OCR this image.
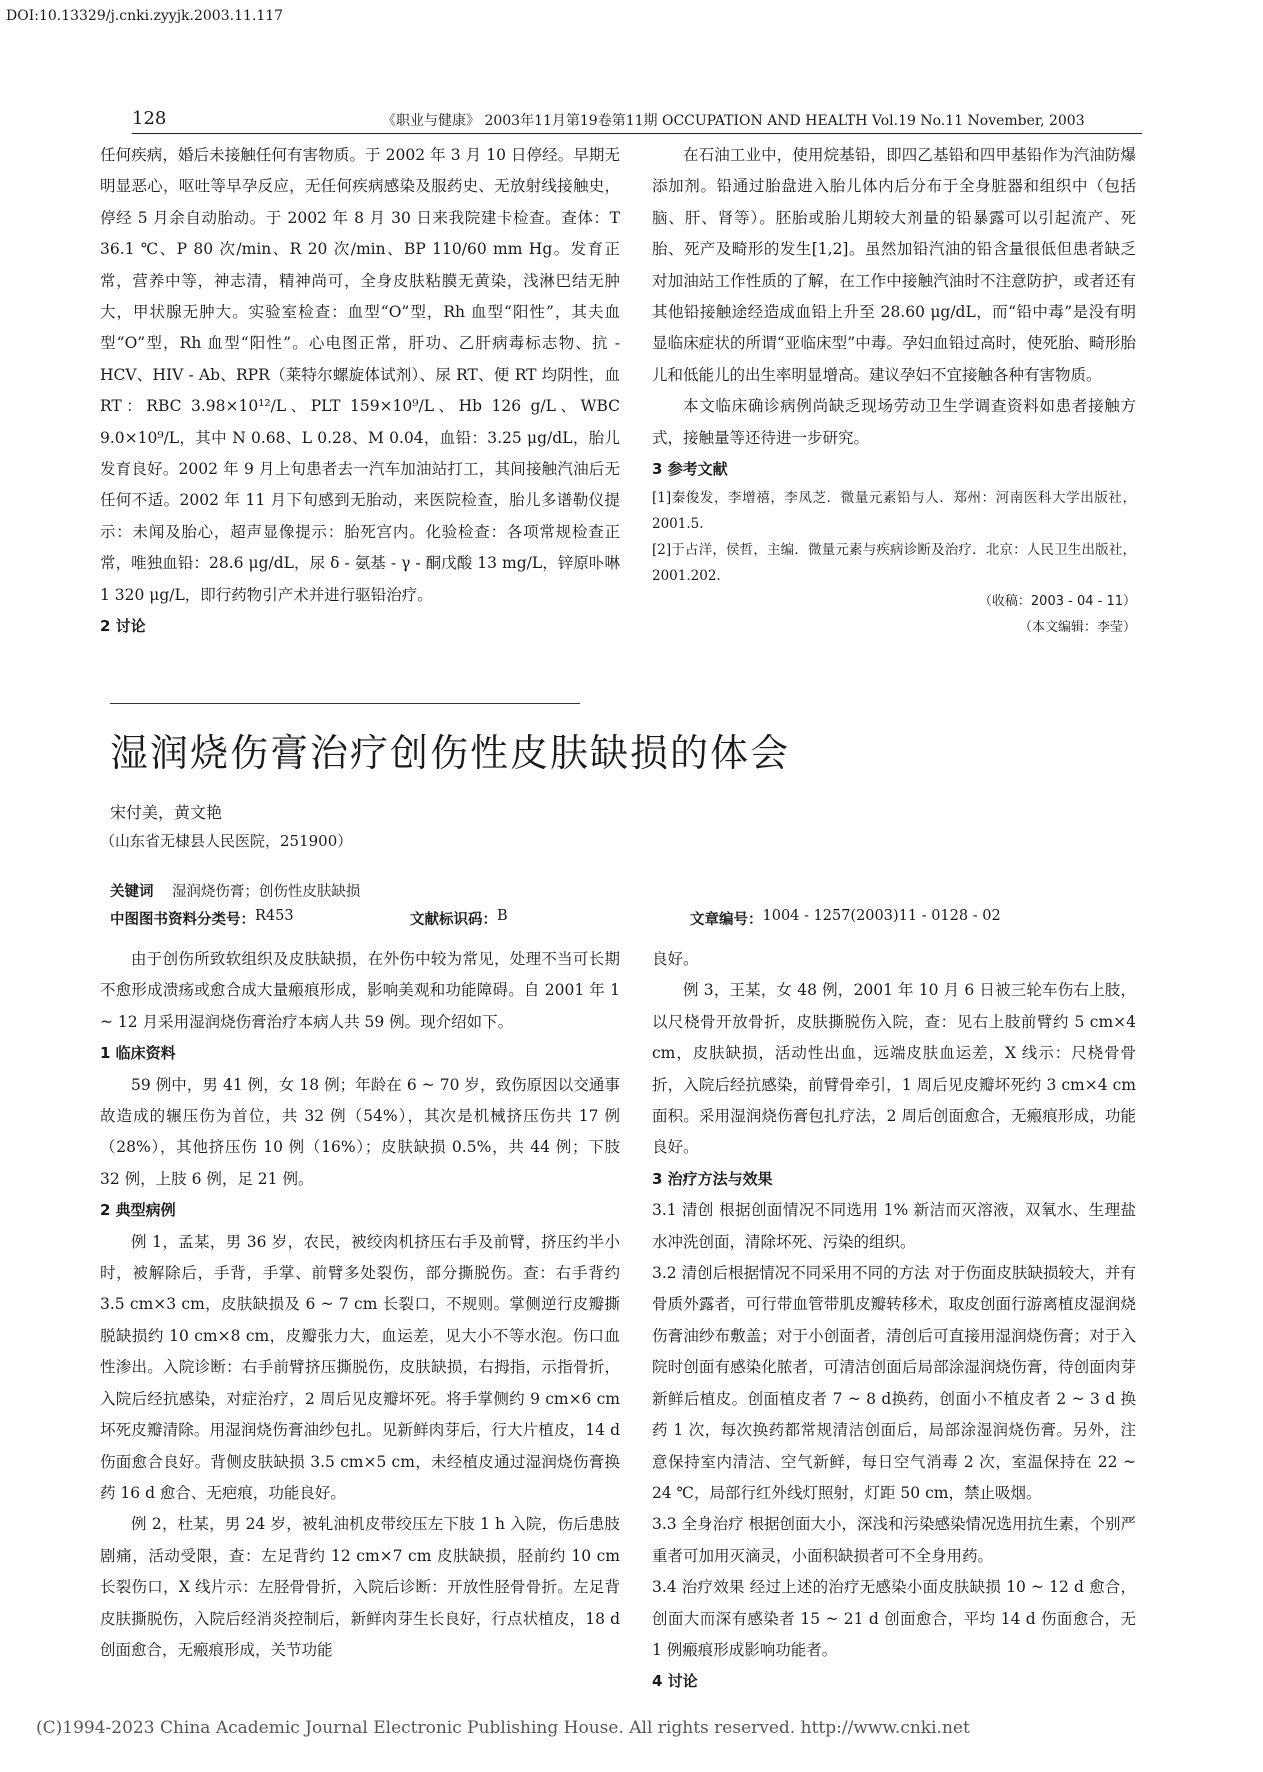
DOI:10.13329/j.cnki.zyyjk.2003.11.117
128	《职业与健康》 2003年11月第19卷第11期 OCCUPATION AND HEALTH Vol.19 No.11 November, 2003

任何疾病，婚后未接触任何有害物质。于 2002 年 3 月 10 日停经。早期无明显恶心，呕吐等早孕反应，无任何疾病感染及服药史、无放射线接触史，停经 5 月余自动胎动。于 2002 年 8 月 30 日来我院建卡检查。查体：T 36.1 ℃、P 80 次/min、R 20 次/min、BP 110/60 mm Hg。发育正常，营养中等，神志清，精神尚可，全身皮肤粘膜无黄染，浅淋巴结无肿大，甲状腺无肿大。实验室检查：血型“O”型，Rh 血型“阳性”，其夫血型“O”型，Rh 血型“阳性”。心电图正常，肝功、乙肝病毒标志物、抗 - HCV、HIV - Ab、RPR（莱特尔螺旋体试剂）、尿 RT、便 RT 均阴性，血 RT：RBC 3.98×10¹²/L、PLT 159×10⁹/L、Hb 126 g/L、WBC 9.0×10⁹/L，其中 N 0.68、L 0.28、M 0.04，血铅：3.25 μg/dL，胎儿发育良好。2002 年 9 月上旬患者去一汽车加油站打工，其间接触汽油后无任何不适。2002 年 11 月下旬感到无胎动，来医院检查，胎儿多谱勒仪提示：未闻及胎心，超声显像提示：胎死宫内。化验检查：各项常规检查正常，唯独血铅：28.6 μg/dL，尿 δ - 氨基 - γ - 酮戊酸 13 mg/L，锌原卟啉 1 320 μg/L，即行药物引产术并进行驱铅治疗。

2 讨论

在石油工业中，使用烷基铅，即四乙基铅和四甲基铅作为汽油防爆添加剂。铅通过胎盘进入胎儿体内后分布于全身脏器和组织中（包括脑、肝、肾等）。胚胎或胎儿期较大剂量的铅暴露可以引起流产、死胎、死产及畸形的发生[1,2]。虽然加铅汽油的铅含量很低但患者缺乏对加油站工作性质的了解，在工作中接触汽油时不注意防护，或者还有其他铅接触途经造成血铅上升至 28.60 μg/dL，而“铅中毒”是没有明显临床症状的所谓“亚临床型”中毒。孕妇血铅过高时，使死胎、畸形胎儿和低能儿的出生率明显增高。建议孕妇不宜接触各种有害物质。

本文临床确诊病例尚缺乏现场劳动卫生学调查资料如患者接触方式，接触量等还待进一步研究。

3 参考文献

[1]秦俊发，李增禧，李凤芝．微量元素铅与人．郑州：河南医科大学出版社，2001.5.

[2]于占洋，侯哲，主编．微量元素与疾病诊断及治疗．北京：人民卫生出版社，2001.202.

（收稿：2003 - 04 - 11）
（本文编辑：李莹）
湿润烧伤膏治疗创伤性皮肤缺损的体会
宋付美，黄文艳
（山东省无棣县人民医院，251900）
关键词 湿润烧伤膏；创伤性皮肤缺损
中图图书资料分类号： R453	文献标识码： B	文章编号： 1004 - 1257(2003)11 - 0128 - 02

由于创伤所致软组织及皮肤缺损，在外伤中较为常见，处理不当可长期不愈形成溃疡或愈合成大量瘢痕形成，影响美观和功能障碍。自 2001 年 1 ~ 12 月采用湿润烧伤膏治疗本病人共 59 例。现介绍如下。

1 临床资料

59 例中，男 41 例，女 18 例；年龄在 6 ~ 70 岁，致伤原因以交通事故造成的辗压伤为首位，共 32 例（54%），其次是机械挤压伤共 17 例（28%），其他挤压伤 10 例（16%）；皮肤缺损 0.5%，共 44 例；下肢 32 例，上肢 6 例，足 21 例。

2 典型病例

例 1，孟某，男 36 岁，农民，被绞肉机挤压右手及前臂，挤压约半小时，被解除后，手背，手掌、前臂多处裂伤，部分撕脱伤。查：右手背约 3.5 cm×3 cm，皮肤缺损及 6 ~ 7 cm 长裂口，不规则。掌侧逆行皮瓣撕脱缺损约 10 cm×8 cm，皮瓣张力大，血运差，见大小不等水泡。伤口血性渗出。入院诊断：右手前臂挤压撕脱伤，皮肤缺损，右拇指，示指骨折，入院后经抗感染，对症治疗，2 周后见皮瓣坏死。将手掌侧约 9 cm×6 cm 坏死皮瓣清除。用湿润烧伤膏油纱包扎。见新鲜肉芽后，行大片植皮，14 d 伤面愈合良好。背侧皮肤缺损 3.5 cm×5 cm，未经植皮通过湿润烧伤膏换药 16 d 愈合、无疤痕，功能良好。

例 2，杜某，男 24 岁，被轧油机皮带绞压左下肢 1 h 入院，伤后患肢剧痛，活动受限，查：左足背约 12 cm×7 cm 皮肤缺损，胫前约 10 cm 长裂伤口，X 线片示：左胫骨骨折，入院后诊断：开放性胫骨骨折。左足背皮肤撕脱伤，入院后经消炎控制后，新鲜肉芽生长良好，行点状植皮，18 d 创面愈合，无瘢痕形成，关节功能

良好。

例 3，王某，女 48 例，2001 年 10 月 6 日被三轮车伤右上肢，以尺桡骨开放骨折，皮肤撕脱伤入院，查：见右上肢前臂约 5 cm×4 cm，皮肤缺损，活动性出血，远端皮肤血运差，X 线示：尺桡骨骨折，入院后经抗感染，前臂骨牵引，1 周后见皮瓣坏死约 3 cm×4 cm 面积。采用湿润烧伤膏包扎疗法，2 周后创面愈合，无瘢痕形成，功能良好。

3 治疗方法与效果

3.1 清创 根据创面情况不同选用 1% 新洁而灭溶液，双氧水、生理盐水冲洗创面，清除坏死、污染的组织。

3.2 清创后根据情况不同采用不同的方法 对于伤面皮肤缺损较大，并有骨质外露者，可行带血管带肌皮瓣转移术，取皮创面行游离植皮湿润烧伤膏油纱布敷盖；对于小创面者，清创后可直接用湿润烧伤膏；对于入院时创面有感染化脓者，可清洁创面后局部涂湿润烧伤膏，待创面肉芽新鲜后植皮。创面植皮者 7 ~ 8 d换药，创面小不植皮者 2 ~ 3 d 换药 1 次，每次换药都常规清洁创面后，局部涂湿润烧伤膏。另外，注意保持室内清洁、空气新鲜，每日空气消毒 2 次，室温保持在 22 ~ 24 ℃，局部行红外线灯照射，灯距 50 cm，禁止吸烟。

3.3 全身治疗 根据创面大小，深浅和污染感染情况选用抗生素，个别严重者可加用灭滴灵，小面积缺损者可不全身用药。

3.4 治疗效果 经过上述的治疗无感染小面皮肤缺损 10 ~ 12 d 愈合，创面大而深有感染者 15 ~ 21 d 创面愈合，平均 14 d 伤面愈合，无 1 例瘢痕形成影响功能者。

4 讨论

(C)1994-2023 China Academic Journal Electronic Publishing House. All rights reserved. http://www.cnki.net
